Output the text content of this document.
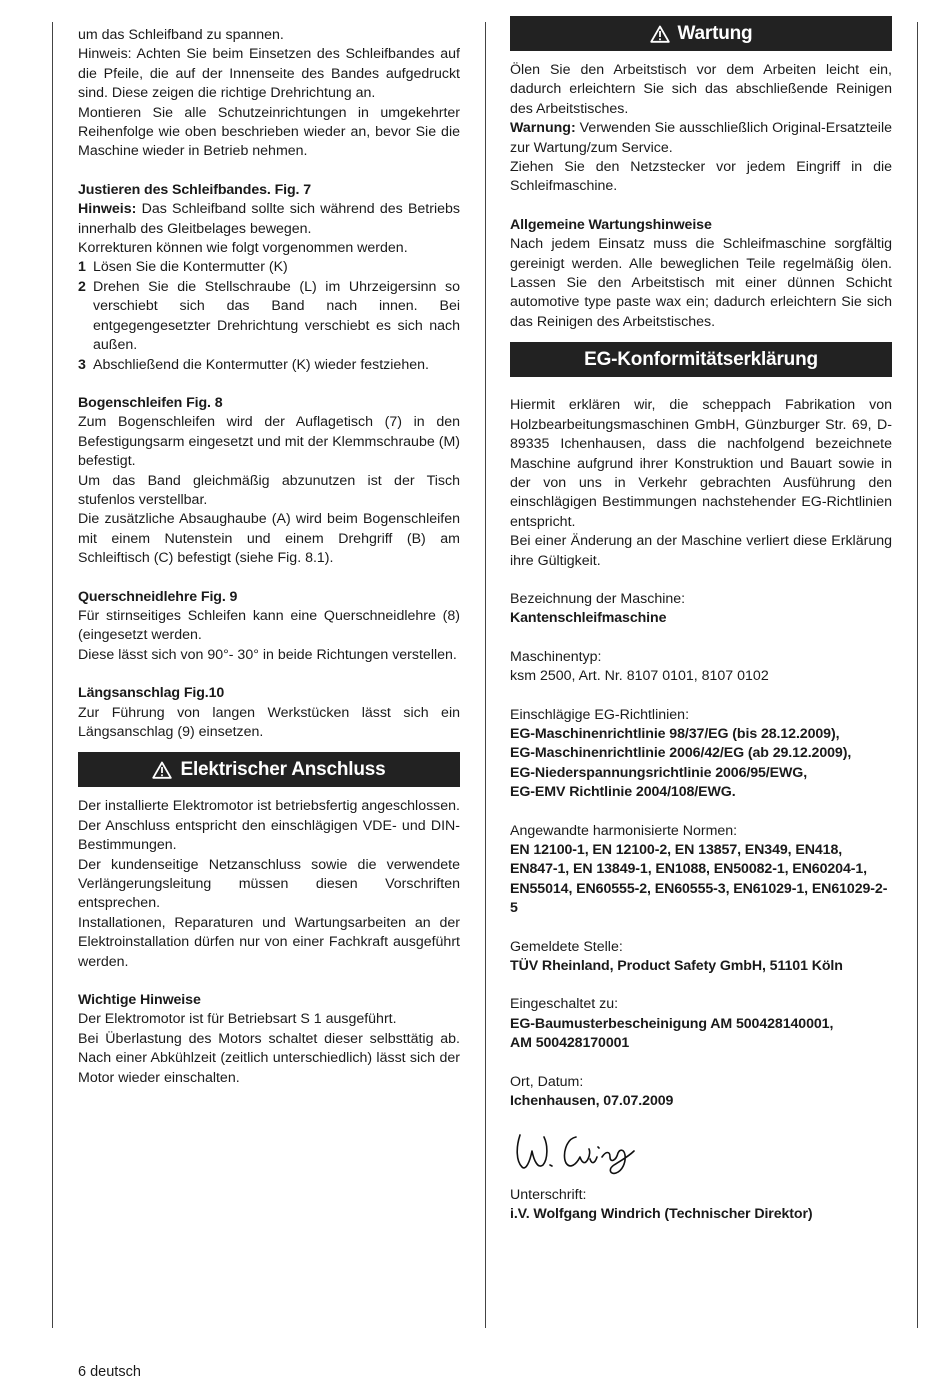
um das Schleifband zu spannen.

Hinweis: Achten Sie beim Einsetzen des Schleifbandes auf die Pfeile, die auf der Innenseite des Bandes aufgedruckt sind. Diese zeigen die richtige Drehrichtung an.

Montieren Sie alle Schutzeinrichtungen in umgekehrter Reihenfolge wie oben beschrieben wieder an, bevor Sie die Maschine wieder in Betrieb nehmen.

Justieren des Schleifbandes. Fig. 7

Hinweis: Das Schleifband sollte sich während des Betriebs innerhalb des Gleitbelages bewegen.

Korrekturen können wie folgt vorgenommen werden.

1 Lösen Sie die Kontermutter (K)
2 Drehen Sie die Stellschraube (L) im Uhrzeigersinn so verschiebt sich das Band nach innen. Bei entgegengesetzter Drehrichtung verschiebt es sich nach außen.
3 Abschließend die Kontermutter (K) wieder festziehen.

Bogenschleifen Fig. 8

Zum Bogenschleifen wird der Auflagetisch (7) in den Befestigungsarm eingesetzt und mit der Klemmschraube (M) befestigt.

Um das Band gleichmäßig abzunutzen ist der Tisch stufenlos verstellbar.

Die zusätzliche Absaughaube (A) wird beim Bogenschleifen mit einem Nutenstein und einem Drehgriff (B) am Schleiftisch (C) befestigt (siehe Fig. 8.1).

Querschneidlehre Fig. 9

Für stirnseitiges Schleifen kann eine Querschneidlehre (8) (eingesetzt werden.

Diese lässt sich von 90°- 30° in beide Richtungen verstellen.

Längsanschlag Fig.10

Zur Führung von langen Werkstücken lässt sich ein Längsanschlag (9) einsetzen.

Elektrischer Anschluss

Der installierte Elektromotor ist betriebsfertig angeschlossen. Der Anschluss entspricht den einschlägigen VDE- und DIN-Bestimmungen.

Der kundenseitige Netzanschluss sowie die verwendete Verlängerungsleitung müssen diesen Vorschriften entsprechen.

Installationen, Reparaturen und Wartungsarbeiten an der Elektroinstallation dürfen nur von einer Fachkraft ausgeführt werden.

Wichtige Hinweise

Der Elektromotor ist für Betriebsart S 1 ausgeführt.

Bei Überlastung des Motors schaltet dieser selbsttätig ab. Nach einer Abkühlzeit (zeitlich unterschiedlich) lässt sich der Motor wieder einschalten.

Wartung

Ölen Sie den Arbeitstisch vor dem Arbeiten leicht ein, dadurch erleichtern Sie sich das abschließende Reinigen des Arbeitstisches.

Warnung: Verwenden Sie ausschließlich Original-Ersatzteile zur Wartung/zum Service.

Ziehen Sie den Netzstecker vor jedem Eingriff in die Schleifmaschine.

Allgemeine Wartungshinweise

Nach jedem Einsatz muss die Schleifmaschine sorgfältig gereinigt werden. Alle beweglichen Teile regelmäßig ölen. Lassen Sie den Arbeitstisch mit einer dünnen Schicht automotive type paste wax ein; dadurch erleichtern Sie sich das Reinigen des Arbeitstisches.

EG-Konformitätserklärung

Hiermit erklären wir, die scheppach Fabrikation von Holzbearbeitungsmaschinen GmbH, Günzburger Str. 69, D-89335 Ichenhausen, dass die nachfolgend bezeichnete Maschine aufgrund ihrer Konstruktion und Bauart sowie in der von uns in Verkehr gebrachten Ausführung den einschlägigen Bestimmungen nachstehender EG-Richtlinien entspricht.

Bei einer Änderung an der Maschine verliert diese Erklärung ihre Gültigkeit.

Bezeichnung der Maschine:

Kantenschleifmaschine

Maschinentyp:

ksm 2500, Art. Nr. 8107 0101, 8107 0102

Einschlägige EG-Richtlinien:

EG-Maschinenrichtlinie 98/37/EG (bis 28.12.2009),

EG-Maschinenrichtlinie 2006/42/EG (ab 29.12.2009),

EG-Niederspannungsrichtlinie 2006/95/EWG,

EG-EMV Richtlinie 2004/108/EWG.

Angewandte harmonisierte Normen:

EN 12100-1, EN 12100-2, EN 13857, EN349, EN418, EN847-1, EN 13849-1, EN1088, EN50082-1, EN60204-1, EN55014, EN60555-2, EN60555-3, EN61029-1, EN61029-2-5

Gemeldete Stelle:

TÜV Rheinland, Product Safety GmbH, 51101 Köln

Eingeschaltet zu:

EG-Baumusterbescheinigung AM 500428140001,

AM 500428170001

Ort, Datum:

Ichenhausen, 07.07.2009

Unterschrift:

i.V. Wolfgang Windrich (Technischer Direktor)

6 deutsch
